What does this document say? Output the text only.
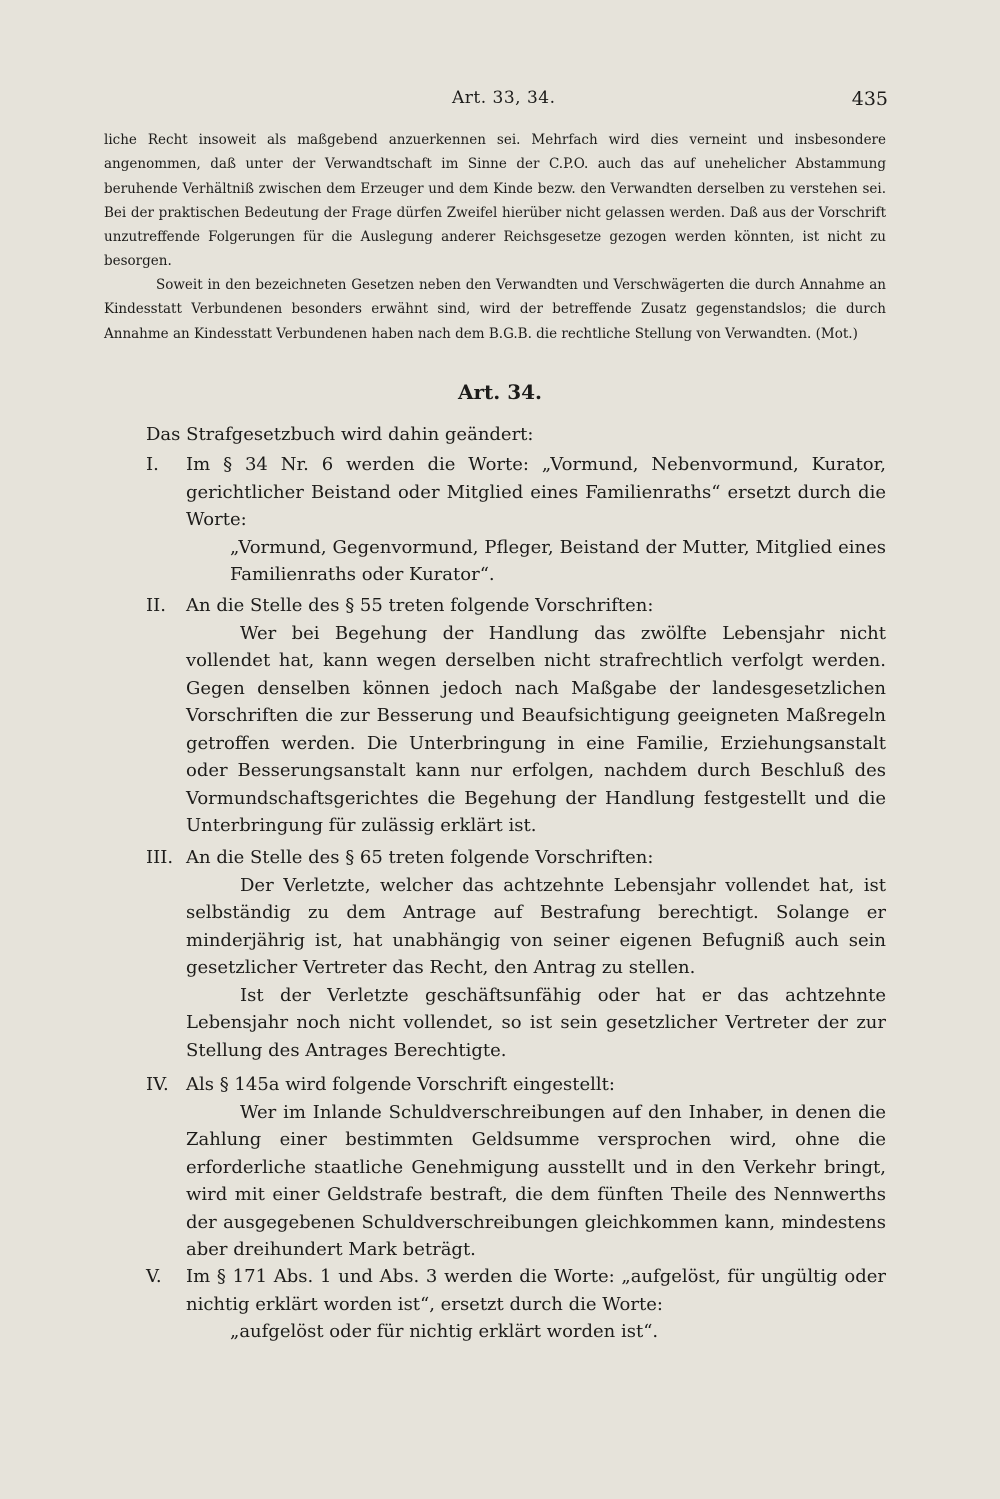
Art. 33, 34.	435

liche Recht insoweit als maßgebend anzuerkennen sei. Mehrfach wird dies verneint und insbesondere angenommen, daß unter der Verwandtschaft im Sinne der C.P.O. auch das auf unehelicher Abstammung beruhende Verhältniß zwischen dem Erzeuger und dem Kinde bezw. den Verwandten derselben zu verstehen sei. Bei der praktischen Bedeutung der Frage dürfen Zweifel hierüber nicht gelassen werden. Daß aus der Vorschrift unzutreffende Folgerungen für die Auslegung anderer Reichsgesetze gezogen werden könnten, ist nicht zu besorgen.

Soweit in den bezeichneten Gesetzen neben den Verwandten und Verschwägerten die durch Annahme an Kindesstatt Verbundenen besonders erwähnt sind, wird der betreffende Zusatz gegenstandslos; die durch Annahme an Kindesstatt Verbundenen haben nach dem B.G.B. die rechtliche Stellung von Verwandten. (Mot.)

Art. 34.
Das Strafgesetzbuch wird dahin geändert:
I.	Im § 34 Nr. 6 werden die Worte: „Vormund, Nebenvormund, Kurator, gerichtlicher Beistand oder Mitglied eines Familienraths“ ersetzt durch die Worte:
„Vormund, Gegenvormund, Pfleger, Beistand der Mutter, Mitglied eines Familienraths oder Kurator“.
II.	An die Stelle des § 55 treten folgende Vorschriften:
Wer bei Begehung der Handlung das zwölfte Lebensjahr nicht vollendet hat, kann wegen derselben nicht strafrechtlich verfolgt werden. Gegen denselben können jedoch nach Maßgabe der landesgesetzlichen Vorschriften die zur Besserung und Beaufsichtigung geeigneten Maßregeln getroffen werden. Die Unterbringung in eine Familie, Erziehungsanstalt oder Besserungsanstalt kann nur erfolgen, nachdem durch Beschluß des Vormundschaftsgerichtes die Begehung der Handlung festgestellt und die Unterbringung für zulässig erklärt ist.
III. An die Stelle des § 65 treten folgende Vorschriften:
Der Verletzte, welcher das achtzehnte Lebensjahr vollendet hat, ist selbständig zu dem Antrage auf Bestrafung berechtigt. Solange er minderjährig ist, hat unabhängig von seiner eigenen Befugniß auch sein gesetzlicher Vertreter das Recht, den Antrag zu stellen.
Ist der Verletzte geschäftsunfähig oder hat er das achtzehnte Lebensjahr noch nicht vollendet, so ist sein gesetzlicher Vertreter der zur Stellung des Antrages Berechtigte.
IV. Als § 145a wird folgende Vorschrift eingestellt:
Wer im Inlande Schuldverschreibungen auf den Inhaber, in denen die Zahlung einer bestimmten Geldsumme versprochen wird, ohne die erforderliche staatliche Genehmigung ausstellt und in den Verkehr bringt, wird mit einer Geldstrafe bestraft, die dem fünften Theile des Nennwerths der ausgegebenen Schuldverschreibungen gleichkommen kann, mindestens aber dreihundert Mark beträgt.
V.	Im § 171 Abs. 1 und Abs. 3 werden die Worte: „aufgelöst, für ungültig oder nichtig erklärt worden ist“, ersetzt durch die Worte:
„aufgelöst oder für nichtig erklärt worden ist“.
